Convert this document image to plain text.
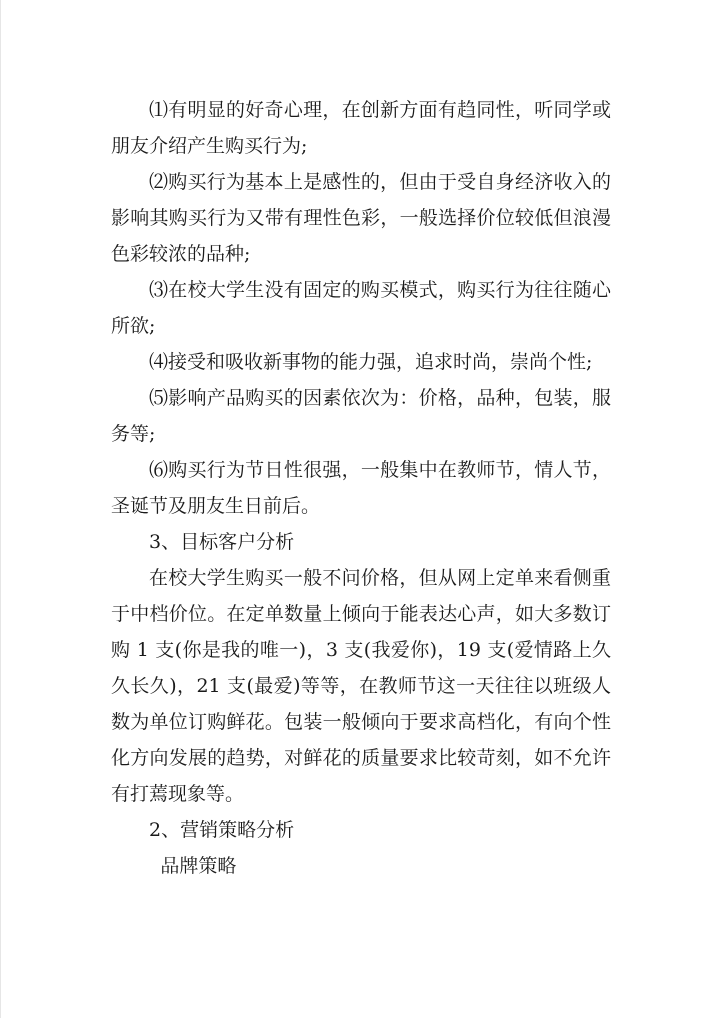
⑴有明显的好奇心理，在创新方面有趋同性，听同学或朋友介绍产生购买行为;

⑵购买行为基本上是感性的，但由于受自身经济收入的影响其购买行为又带有理性色彩，一般选择价位较低但浪漫色彩较浓的品种;

⑶在校大学生没有固定的购买模式，购买行为往往随心所欲;

⑷接受和吸收新事物的能力强，追求时尚，崇尚个性;

⑸影响产品购买的因素依次为：价格，品种，包装，服务等;

⑹购买行为节日性很强，一般集中在教师节，情人节，圣诞节及朋友生日前后。

3、目标客户分析

在校大学生购买一般不问价格，但从网上定单来看侧重于中档价位。在定单数量上倾向于能表达心声，如大多数订购 1 支(你是我的唯一)，3 支(我爱你)，19 支(爱情路上久久长久)，21 支(最爱)等等，在教师节这一天往往以班级人数为单位订购鲜花。包装一般倾向于要求高档化，有向个性化方向发展的趋势，对鲜花的质量要求比较苛刻，如不允许有打蔫现象等。

2、营销策略分析

品牌策略
